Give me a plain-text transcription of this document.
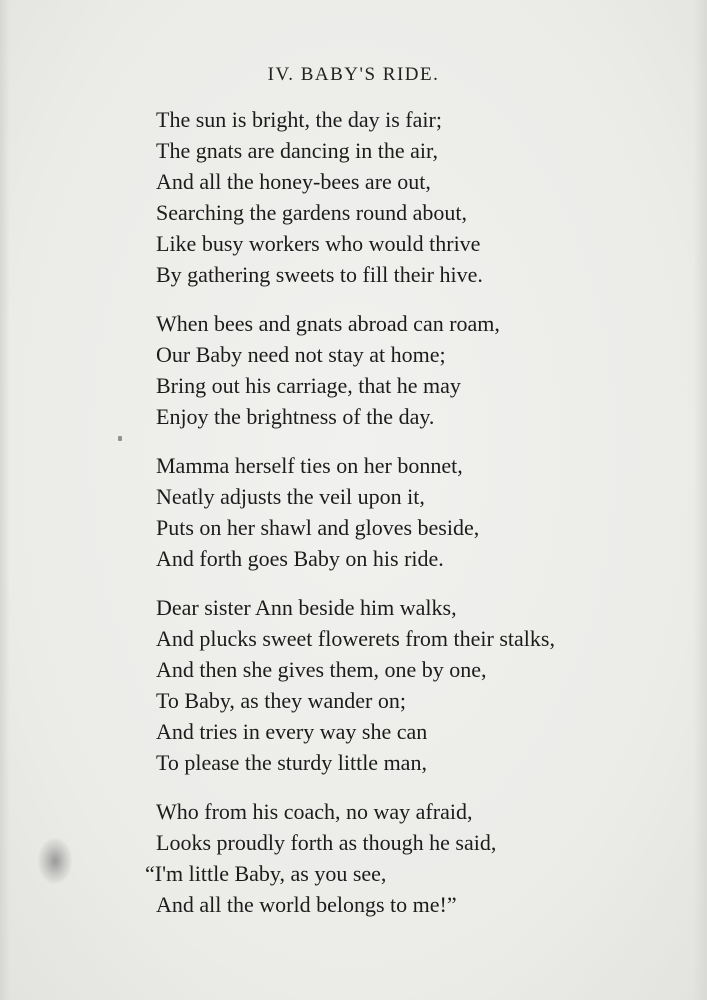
IV. BABY'S RIDE.
The sun is bright, the day is fair;
The gnats are dancing in the air,
And all the honey-bees are out,
Searching the gardens round about,
Like busy workers who would thrive
By gathering sweets to fill their hive.
When bees and gnats abroad can roam,
Our Baby need not stay at home;
Bring out his carriage, that he may
Enjoy the brightness of the day.
Mamma herself ties on her bonnet,
Neatly adjusts the veil upon it,
Puts on her shawl and gloves beside,
And forth goes Baby on his ride.
Dear sister Ann beside him walks,
And plucks sweet flowerets from their stalks,
And then she gives them, one by one,
To Baby, as they wander on;
And tries in every way she can
To please the sturdy little man,
Who from his coach, no way afraid,
Looks proudly forth as though he said,
“I'm little Baby, as you see,
And all the world belongs to me!”
